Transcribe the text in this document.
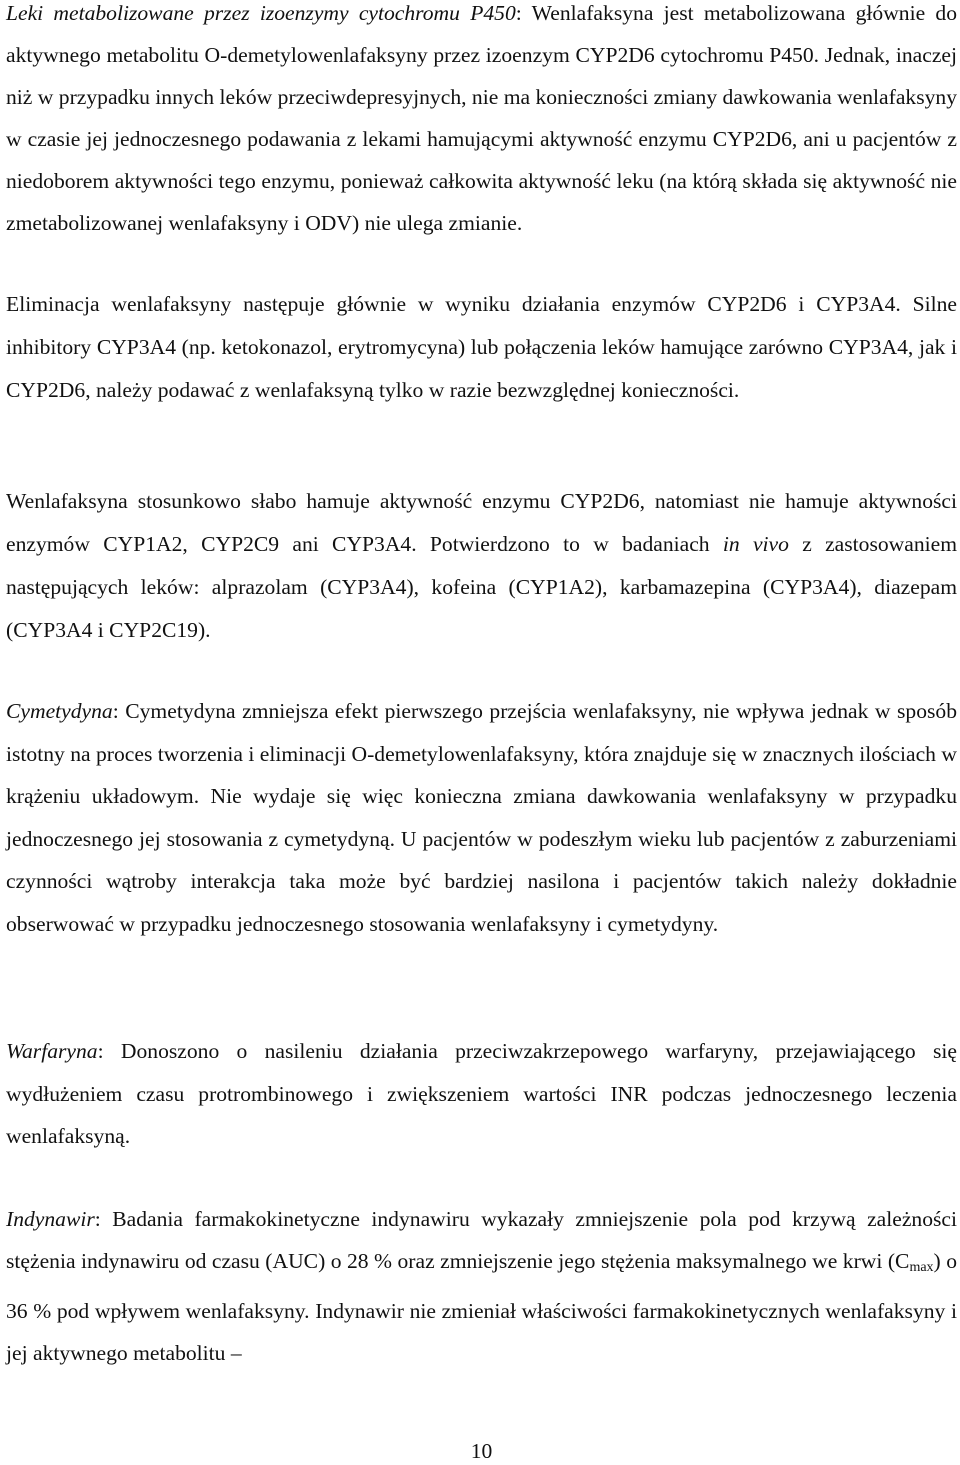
Leki metabolizowane przez izoenzymy cytochromu P450: Wenlafaksyna jest metabolizowana głównie do aktywnego metabolitu O-demetylowenlafaksyny przez izoenzym CYP2D6 cytochromu P450. Jednak, inaczej niż w przypadku innych leków przeciwdepresyjnych, nie ma konieczności zmiany dawkowania wenlafaksyny w czasie jej jednoczesnego podawania z lekami hamującymi aktywność enzymu CYP2D6, ani u pacjentów z niedoborem aktywności tego enzymu, ponieważ całkowita aktywność leku (na którą składa się aktywność nie zmetabolizowanej wenlafaksyny i ODV) nie ulega zmianie.

Eliminacja wenlafaksyny następuje głównie w wyniku działania enzymów CYP2D6 i CYP3A4. Silne inhibitory CYP3A4 (np. ketokonazol, erytromycyna) lub połączenia leków hamujące zarówno CYP3A4, jak i CYP2D6, należy podawać z wenlafaksyną tylko w razie bezwzględnej konieczności.

Wenlafaksyna stosunkowo słabo hamuje aktywność enzymu CYP2D6, natomiast nie hamuje aktywności enzymów CYP1A2, CYP2C9 ani CYP3A4. Potwierdzono to w badaniach in vivo z zastosowaniem następujących leków: alprazolam (CYP3A4), kofeina (CYP1A2), karbamazepina (CYP3A4), diazepam (CYP3A4 i CYP2C19).

Cymetydyna: Cymetydyna zmniejsza efekt pierwszego przejścia wenlafaksyny, nie wpływa jednak w sposób istotny na proces tworzenia i eliminacji O-demetylowenlafaksyny, która znajduje się w znacznych ilościach w krążeniu układowym. Nie wydaje się więc konieczna zmiana dawkowania wenlafaksyny w przypadku jednoczesnego jej stosowania z cymetydyną. U pacjentów w podeszłym wieku lub pacjentów z zaburzeniami czynności wątroby interakcja taka może być bardziej nasilona i pacjentów takich należy dokładnie obserwować w przypadku jednoczesnego stosowania wenlafaksyny i cymetydyny.

Warfaryna: Donoszono o nasileniu działania przeciwzakrzepowego warfaryny, przejawiającego się wydłużeniem czasu protrombinowego i zwiększeniem wartości INR podczas jednoczesnego leczenia wenlafaksyną.

Indynawir: Badania farmakokinetyczne indynawiru wykazały zmniejszenie pola pod krzywą zależności stężenia indynawiru od czasu (AUC) o 28 % oraz zmniejszenie jego stężenia maksymalnego we krwi $(C_{max})$ o 36 % pod wpływem wenlafaksyny. Indynawir nie zmieniał właściwości farmakokinetycznych wenlafaksyny i jej aktywnego metabolitu –

10
